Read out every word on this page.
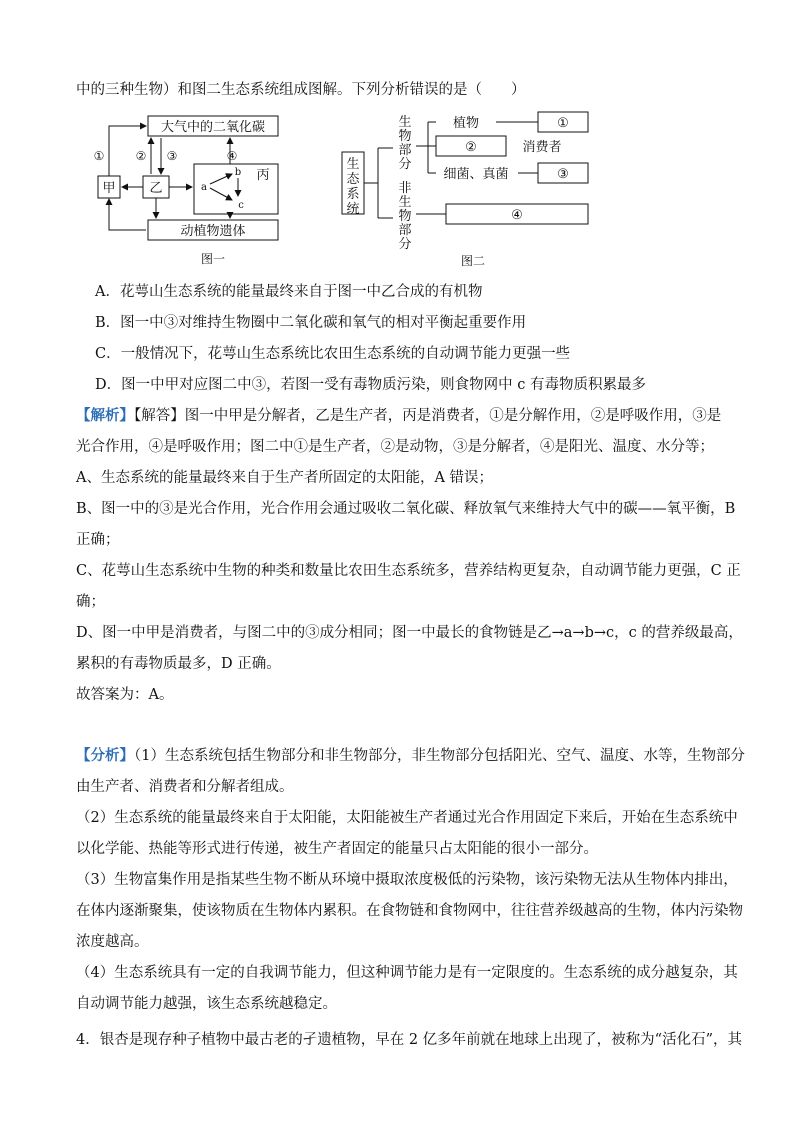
中的三种生物）和图二生态系统组成图解。下列分析错误的是（　　）
大气中的二氧化碳
动植物遗体
甲	乙
丙
a
b
c
①	② ③	④
图一
生
态
系
统
生
物
部
分
非
生
物
部
分
植物	①
②	消费者
细菌、真菌	③
④
图二
A．花萼山生态系统的能量最终来自于图一中乙合成的有机物
B．图一中③对维持生物圈中二氧化碳和氧气的相对平衡起重要作用
C．一般情况下，花萼山生态系统比农田生态系统的自动调节能力更强一些
D．图一中甲对应图二中③，若图一受有毒物质污染，则食物网中 c 有毒物质积累最多
【解析】【解答】图一中甲是分解者，乙是生产者，丙是消费者，①是分解作用，②是呼吸作用，③是
光合作用，④是呼吸作用；图二中①是生产者，②是动物，③是分解者，④是阳光、温度、水分等；
A、生态系统的能量最终来自于生产者所固定的太阳能，A 错误；
B、图一中的③是光合作用，光合作用会通过吸收二氧化碳、释放氧气来维持大气中的碳——氧平衡，B
正确；
C、花萼山生态系统中生物的种类和数量比农田生态系统多，营养结构更复杂，自动调节能力更强，C 正
确；
D、图一中甲是消费者，与图二中的③成分相同；图一中最长的食物链是乙→a→b→c，c 的营养级最高，
累积的有毒物质最多，D 正确。
故答案为：A。
【分析】（1）生态系统包括生物部分和非生物部分，非生物部分包括阳光、空气、温度、水等，生物部分
由生产者、消费者和分解者组成。
（2）生态系统的能量最终来自于太阳能，太阳能被生产者通过光合作用固定下来后，开始在生态系统中
以化学能、热能等形式进行传递，被生产者固定的能量只占太阳能的很小一部分。
（3）生物富集作用是指某些生物不断从环境中摄取浓度极低的污染物，该污染物无法从生物体内排出，
在体内逐渐聚集，使该物质在生物体内累积。在食物链和食物网中，往往营养级越高的生物，体内污染物
浓度越高。
（4）生态系统具有一定的自我调节能力，但这种调节能力是有一定限度的。生态系统的成分越复杂，其
自动调节能力越强，该生态系统越稳定。
4．银杏是现存种子植物中最古老的孑遗植物，早在 2 亿多年前就在地球上出现了，被称为“活化石”，其
